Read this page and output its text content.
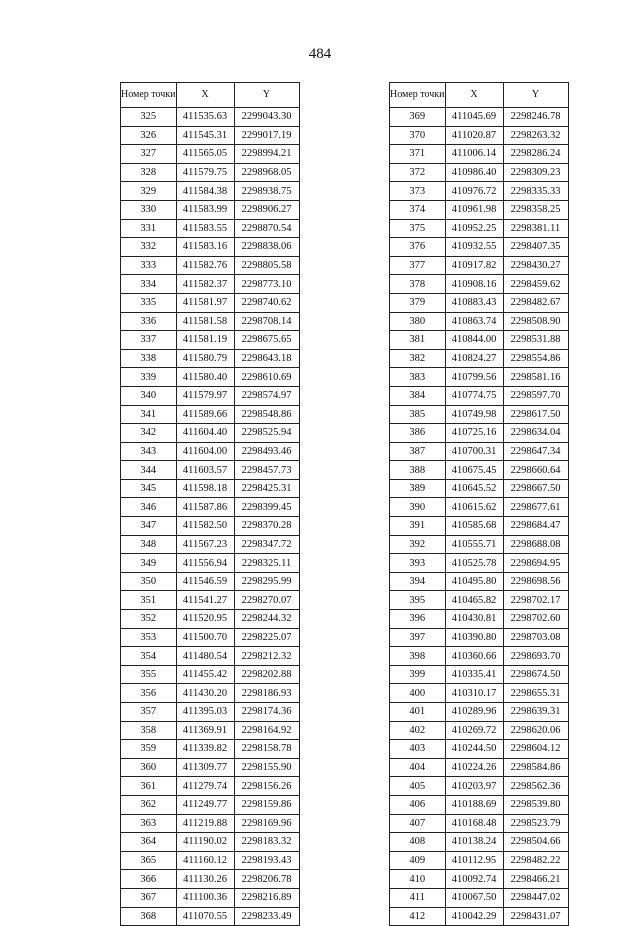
484
Номер точки	X	Y
325	411535.63	2299043.30
326	411545.31	2299017.19
327	411565.05	2298994.21
328	411579.75	2298968.05
329	411584.38	2298938.75
330	411583.99	2298906.27
331	411583.55	2298870.54
332	411583.16	2298838.06
333	411582.76	2298805.58
334	411582.37	2298773.10
335	411581.97	2298740.62
336	411581.58	2298708.14
337	411581.19	2298675.65
338	411580.79	2298643.18
339	411580.40	2298610.69
340	411579.97	2298574.97
341	411589.66	2298548.86
342	411604.40	2298525.94
343	411604.00	2298493.46
344	411603.57	2298457.73
345	411598.18	2298425.31
346	411587.86	2298399.45
347	411582.50	2298370.28
348	411567.23	2298347.72
349	411556.94	2298325.11
350	411546.59	2298295.99
351	411541.27	2298270.07
352	411520.95	2298244.32
353	411500.70	2298225.07
354	411480.54	2298212.32
355	411455.42	2298202.88
356	411430.20	2298186.93
357	411395.03	2298174.36
358	411369.91	2298164.92
359	411339.82	2298158.78
360	411309.77	2298155.90
361	411279.74	2298156.26
362	411249.77	2298159.86
363	411219.88	2298169.96
364	411190.02	2298183.32
365	411160.12	2298193.43
366	411130.26	2298206.78
367	411100.36	2298216.89
368	411070.55	2298233.49
Номер точки	X	Y
369	411045.69	2298246.78
370	411020.87	2298263.32
371	411006.14	2298286.24
372	410986.40	2298309.23
373	410976.72	2298335.33
374	410961.98	2298358.25
375	410952.25	2298381.11
376	410932.55	2298407.35
377	410917.82	2298430.27
378	410908.16	2298459.62
379	410883.43	2298482.67
380	410863.74	2298508.90
381	410844.00	2298531.88
382	410824.27	2298554.86
383	410799.56	2298581.16
384	410774.75	2298597.70
385	410749.98	2298617.50
386	410725.16	2298634.04
387	410700.31	2298647.34
388	410675.45	2298660.64
389	410645.52	2298667.50
390	410615.62	2298677.61
391	410585.68	2298684.47
392	410555.71	2298688.08
393	410525.78	2298694.95
394	410495.80	2298698.56
395	410465.82	2298702.17
396	410430.81	2298702.60
397	410390.80	2298703.08
398	410360.66	2298693.70
399	410335.41	2298674.50
400	410310.17	2298655.31
401	410289.96	2298639.31
402	410269.72	2298620.06
403	410244.50	2298604.12
404	410224.26	2298584.86
405	410203.97	2298562.36
406	410188.69	2298539.80
407	410168.48	2298523.79
408	410138.24	2298504.66
409	410112.95	2298482.22
410	410092.74	2298466.21
411	410067.50	2298447.02
412	410042.29	2298431.07
